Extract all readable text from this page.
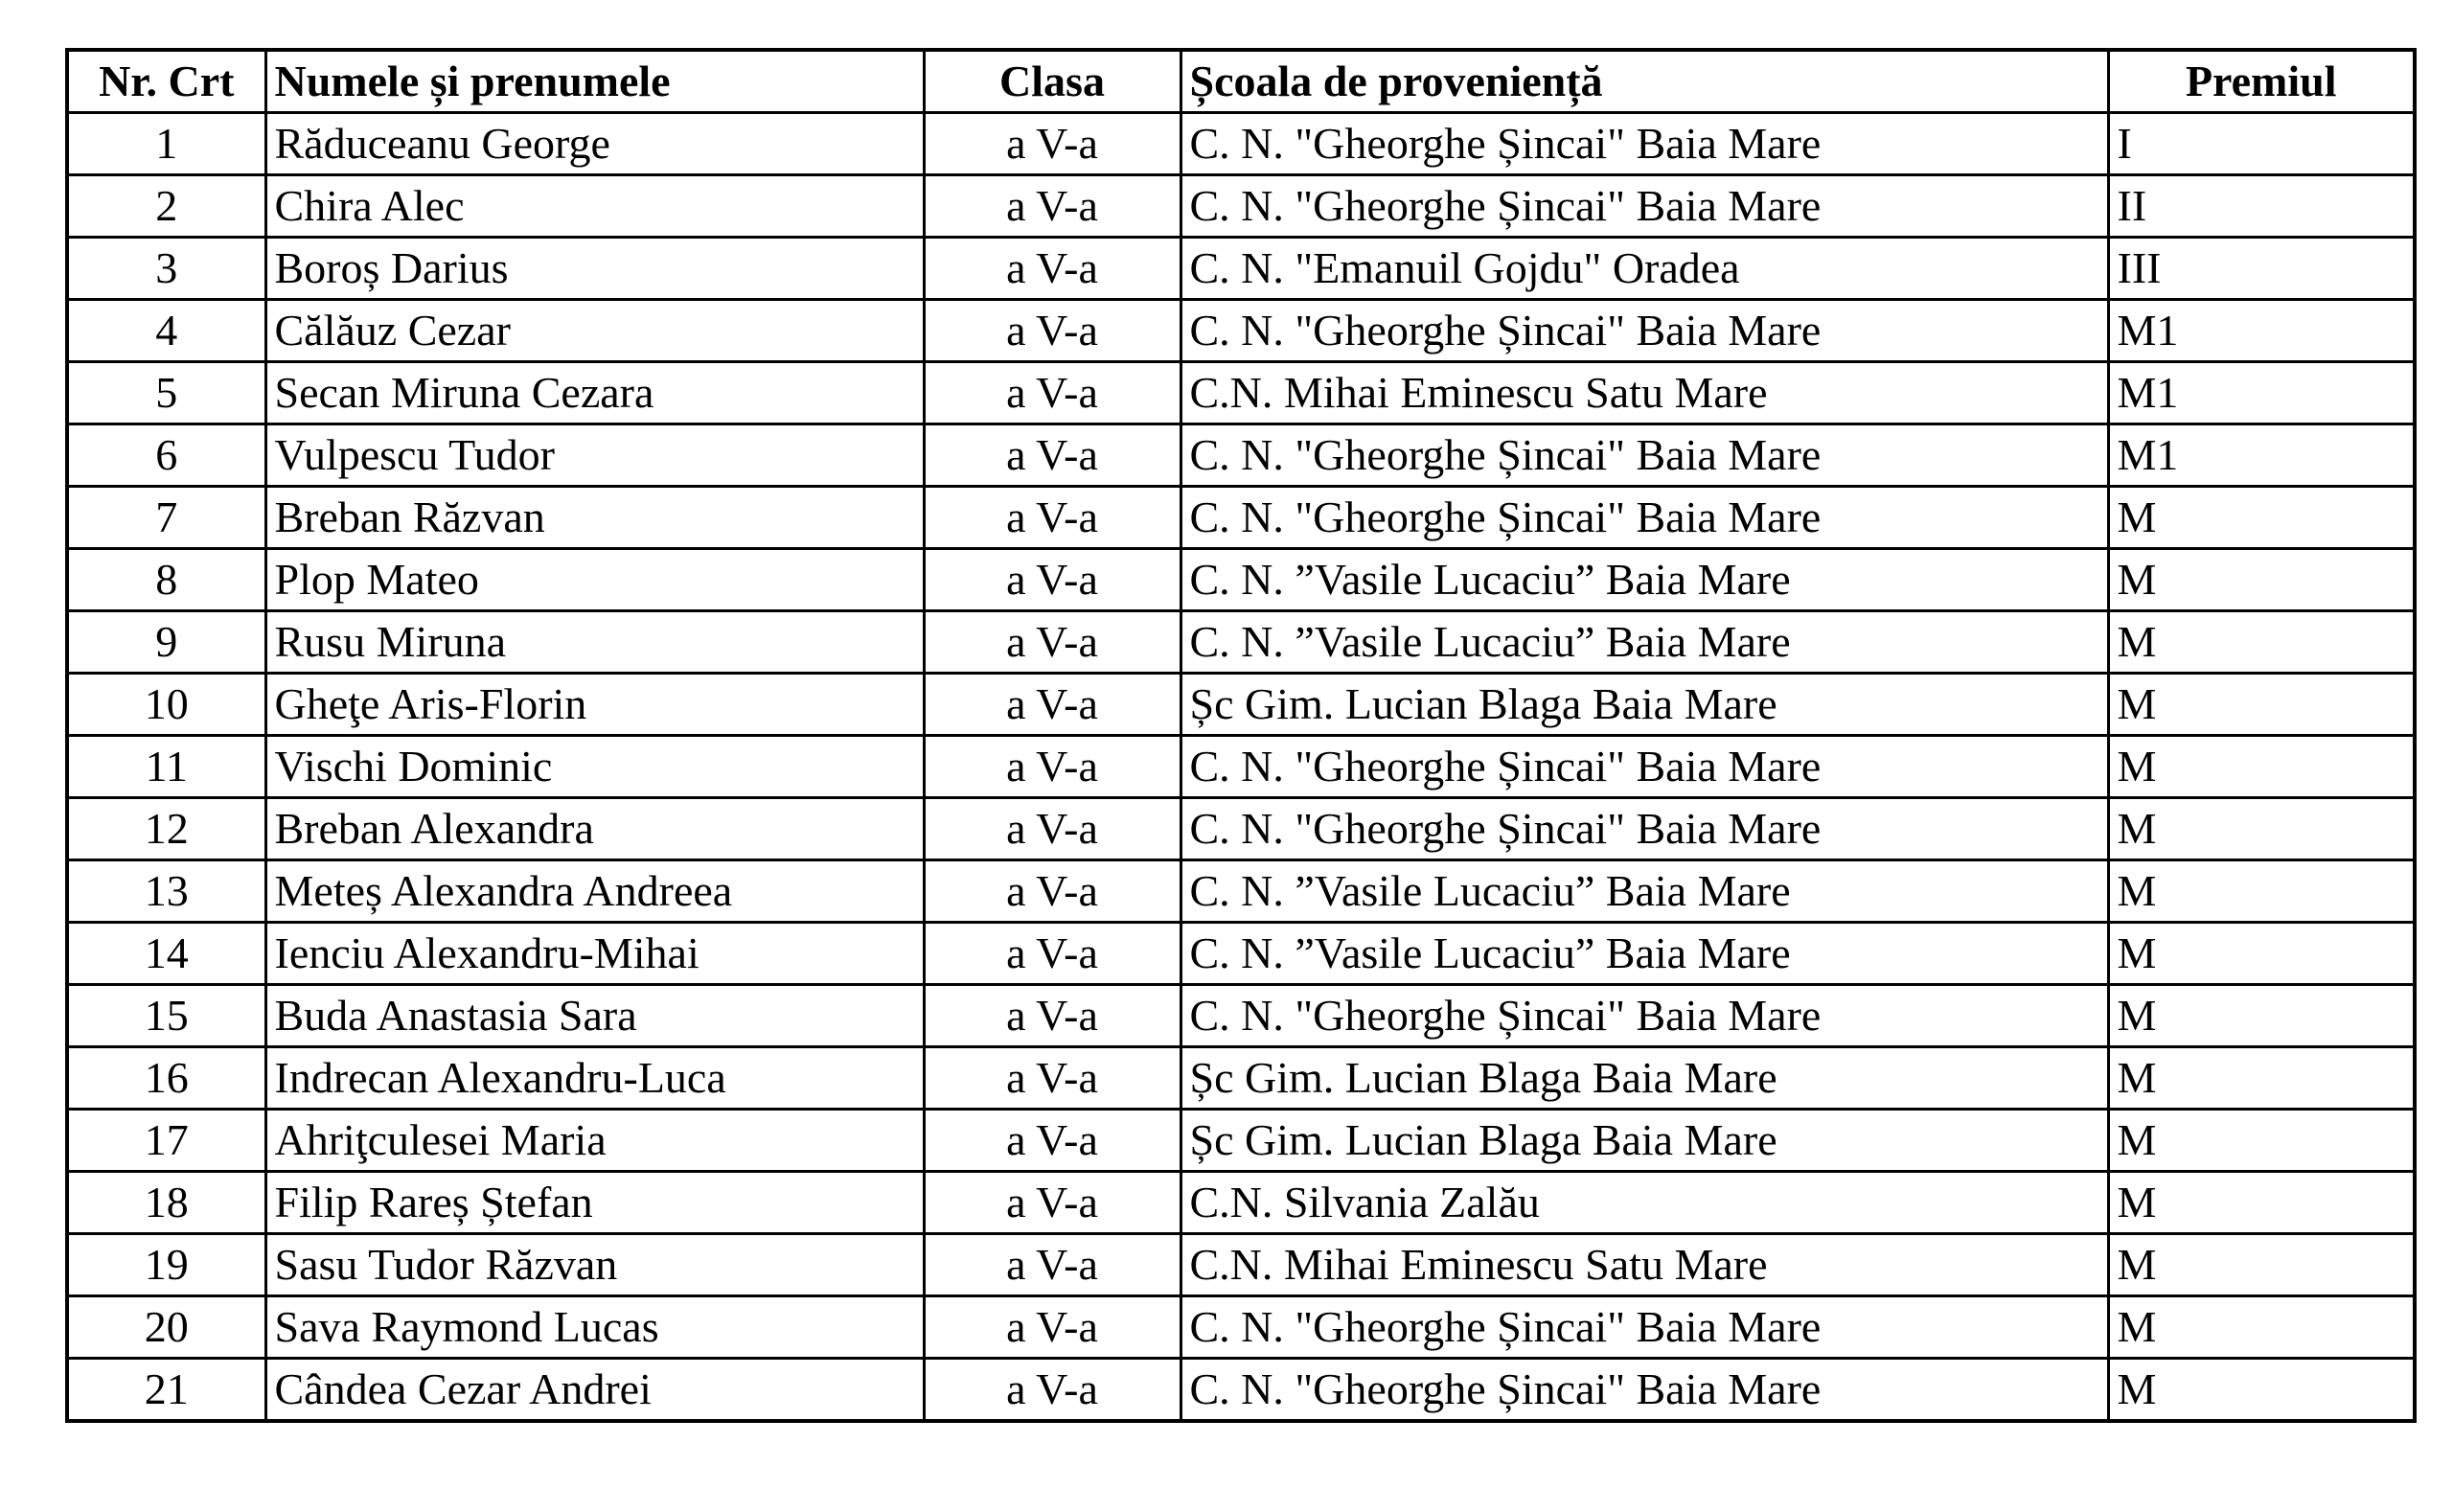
Nr. Crt	Numele și prenumele	Clasa	Școala de proveniență	Premiul
1	Răduceanu George	a V-a	C. N. "Gheorghe Șincai" Baia Mare	I
2	Chira Alec	a V-a	C. N. "Gheorghe Șincai" Baia Mare	II
3	Boroș Darius	a V-a	C. N. "Emanuil Gojdu" Oradea	III
4	Călăuz Cezar	a V-a	C. N. "Gheorghe Șincai" Baia Mare	M1
5	Secan Miruna Cezara	a V-a	C.N. Mihai Eminescu Satu Mare	M1
6	Vulpescu Tudor	a V-a	C. N. "Gheorghe Șincai" Baia Mare	M1
7	Breban Răzvan	a V-a	C. N. "Gheorghe Șincai" Baia Mare	M
8	Plop Mateo	a V-a	C. N. ”Vasile Lucaciu” Baia Mare	M
9	Rusu Miruna	a V-a	C. N. ”Vasile Lucaciu” Baia Mare	M
10	Gheţe Aris-Florin	a V-a	Șc Gim. Lucian Blaga Baia Mare	M
11	Vischi Dominic	a V-a	C. N. "Gheorghe Șincai" Baia Mare	M
12	Breban Alexandra	a V-a	C. N. "Gheorghe Șincai" Baia Mare	M
13	Meteș Alexandra Andreea	a V-a	C. N. ”Vasile Lucaciu” Baia Mare	M
14	Ienciu Alexandru-Mihai	a V-a	C. N. ”Vasile Lucaciu” Baia Mare	M
15	Buda Anastasia Sara	a V-a	C. N. "Gheorghe Șincai" Baia Mare	M
16	Indrecan Alexandru-Luca	a V-a	Șc Gim. Lucian Blaga Baia Mare	M
17	Ahriţculesei Maria	a V-a	Șc Gim. Lucian Blaga Baia Mare	M
18	Filip Rareș Ștefan	a V-a	C.N. Silvania Zalău	M
19	Sasu Tudor Răzvan	a V-a	C.N. Mihai Eminescu Satu Mare	M
20	Sava Raymond Lucas	a V-a	C. N. "Gheorghe Șincai" Baia Mare	M
21	Cândea Cezar Andrei	a V-a	C. N. "Gheorghe Șincai" Baia Mare	M
